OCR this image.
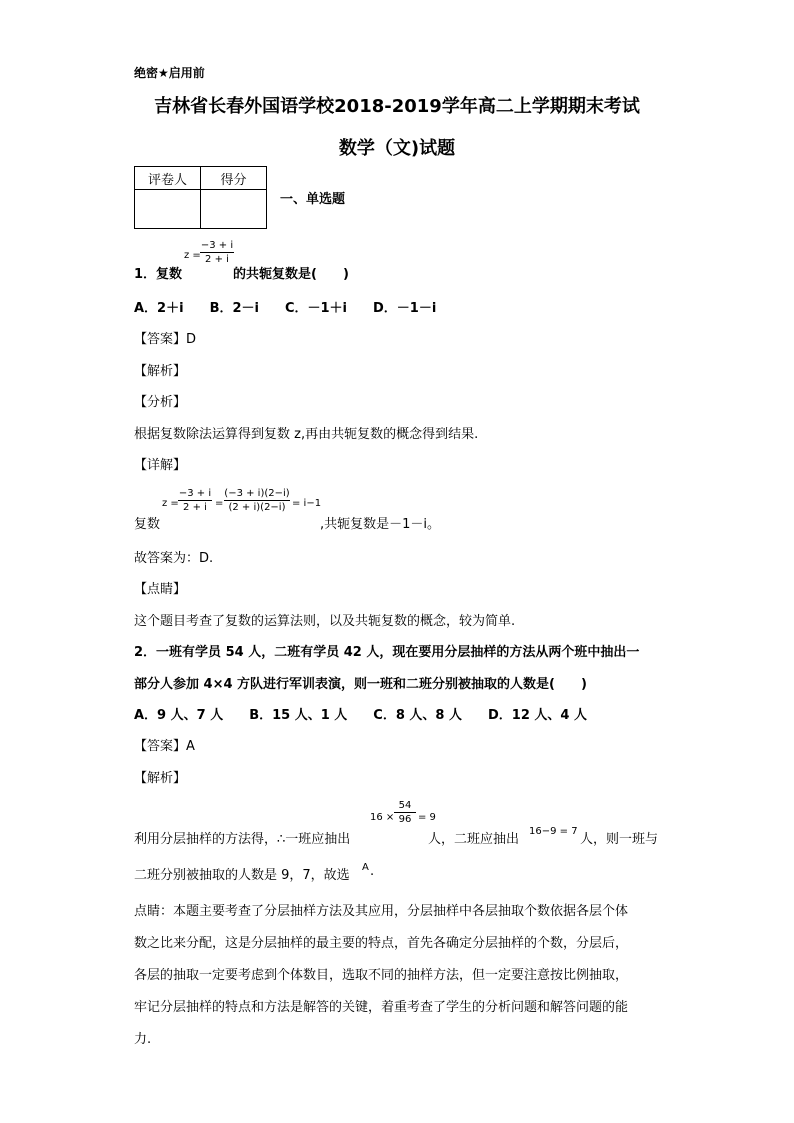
绝密★启用前
吉林省长春外国语学校2018-2019学年高二上学期期末考试
数学（文)试题
评卷人	得分

一、单选题
z =
−3 + i
2 + i
1．复数	的共轭复数是(　　)
A．2＋i　　B．2－i　　C．－1＋i　　D．－1－i
【答案】D
【解析】
【分析】
根据复数除法运算得到复数 z,再由共轭复数的概念得到结果.
【详解】
复数
z =
−3 + i
2 + i =
(−3 + i)(2−i)
(2 + i)(2−i) = i−1
,共轭复数是－1－i。
故答案为：D.
【点睛】
这个题目考查了复数的运算法则，以及共轭复数的概念，较为简单.
2．一班有学员 54 人，二班有学员 42 人，现在要用分层抽样的方法从两个班中抽出一
部分人参加 4×4 方队进行军训表演，则一班和二班分别被抽取的人数是(　　)
A．9 人、7 人　　B．15 人、1 人　　C．8 人、8 人　　D．12 人、4 人
【答案】A
【解析】
利用分层抽样的方法得，∴一班应抽出
16 ×
54
96 = 9
人，二班应抽出
16−9 = 7
人，则一班与
二班分别被抽取的人数是 9，7，故选
A .
点睛：本题主要考查了分层抽样方法及其应用，分层抽样中各层抽取个数依据各层个体
数之比来分配，这是分层抽样的最主要的特点，首先各确定分层抽样的个数，分层后，
各层的抽取一定要考虑到个体数目，选取不同的抽样方法，但一定要注意按比例抽取，
牢记分层抽样的特点和方法是解答的关键，着重考查了学生的分析问题和解答问题的能
力.
